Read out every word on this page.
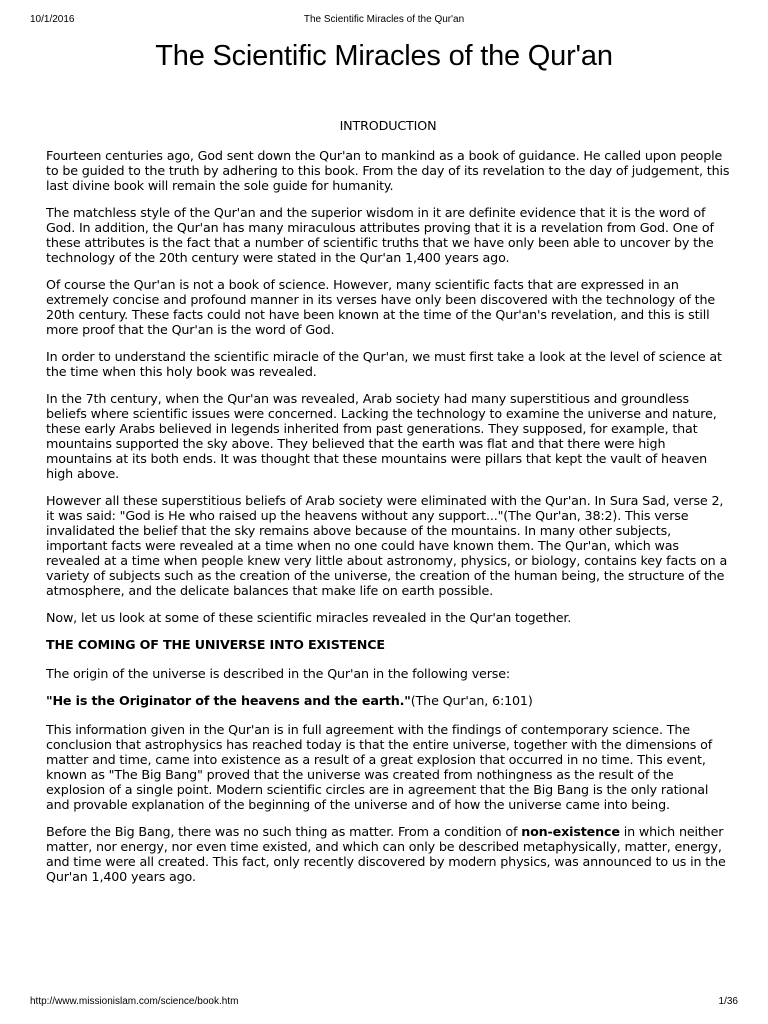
10/1/2016	The Scientific Miracles of the Qur'an
The Scientific Miracles of the Qur'an

INTRODUCTION

Fourteen centuries ago, God sent down the Qur'an to mankind as a book of guidance. He called upon people to be guided to the truth by adhering to this book. From the day of its revelation to the day of judgement, this last divine book will remain the sole guide for humanity.

The matchless style of the Qur'an and the superior wisdom in it are definite evidence that it is the word of God. In addition, the Qur'an has many miraculous attributes proving that it is a revelation from God. One of these attributes is the fact that a number of scientific truths that we have only been able to uncover by the technology of the 20th century were stated in the Qur'an 1,400 years ago.

Of course the Qur'an is not a book of science. However, many scientific facts that are expressed in an extremely concise and profound manner in its verses have only been discovered with the technology of the 20th century. These facts could not have been known at the time of the Qur'an's revelation, and this is still more proof that the Qur'an is the word of God.

In order to understand the scientific miracle of the Qur'an, we must first take a look at the level of science at the time when this holy book was revealed.

In the 7th century, when the Qur'an was revealed, Arab society had many superstitious and groundless beliefs where scientific issues were concerned. Lacking the technology to examine the universe and nature, these early Arabs believed in legends inherited from past generations. They supposed, for example, that mountains supported the sky above. They believed that the earth was flat and that there were high mountains at its both ends. It was thought that these mountains were pillars that kept the vault of heaven high above.

However all these superstitious beliefs of Arab society were eliminated with the Qur'an. In Sura Sad, verse 2, it was said: "God is He who raised up the heavens without any support..."(The Qur'an, 38:2). This verse invalidated the belief that the sky remains above because of the mountains. In many other subjects, important facts were revealed at a time when no one could have known them. The Qur'an, which was revealed at a time when people knew very little about astronomy, physics, or biology, contains key facts on a variety of subjects such as the creation of the universe, the creation of the human being, the structure of the atmosphere, and the delicate balances that make life on earth possible.

Now, let us look at some of these scientific miracles revealed in the Qur'an together.

THE COMING OF THE UNIVERSE INTO EXISTENCE

The origin of the universe is described in the Qur'an in the following verse:

"He is the Originator of the heavens and the earth."(The Qur'an, 6:101)

This information given in the Qur'an is in full agreement with the findings of contemporary science. The conclusion that astrophysics has reached today is that the entire universe, together with the dimensions of matter and time, came into existence as a result of a great explosion that occurred in no time. This event, known as "The Big Bang" proved that the universe was created from nothingness as the result of the explosion of a single point. Modern scientific circles are in agreement that the Big Bang is the only rational and provable explanation of the beginning of the universe and of how the universe came into being.

Before the Big Bang, there was no such thing as matter. From a condition of non-existence in which neither matter, nor energy, nor even time existed, and which can only be described metaphysically, matter, energy, and time were all created. This fact, only recently discovered by modern physics, was announced to us in the Qur'an 1,400 years ago.

http://www.missionislam.com/science/book.htm	1/36
